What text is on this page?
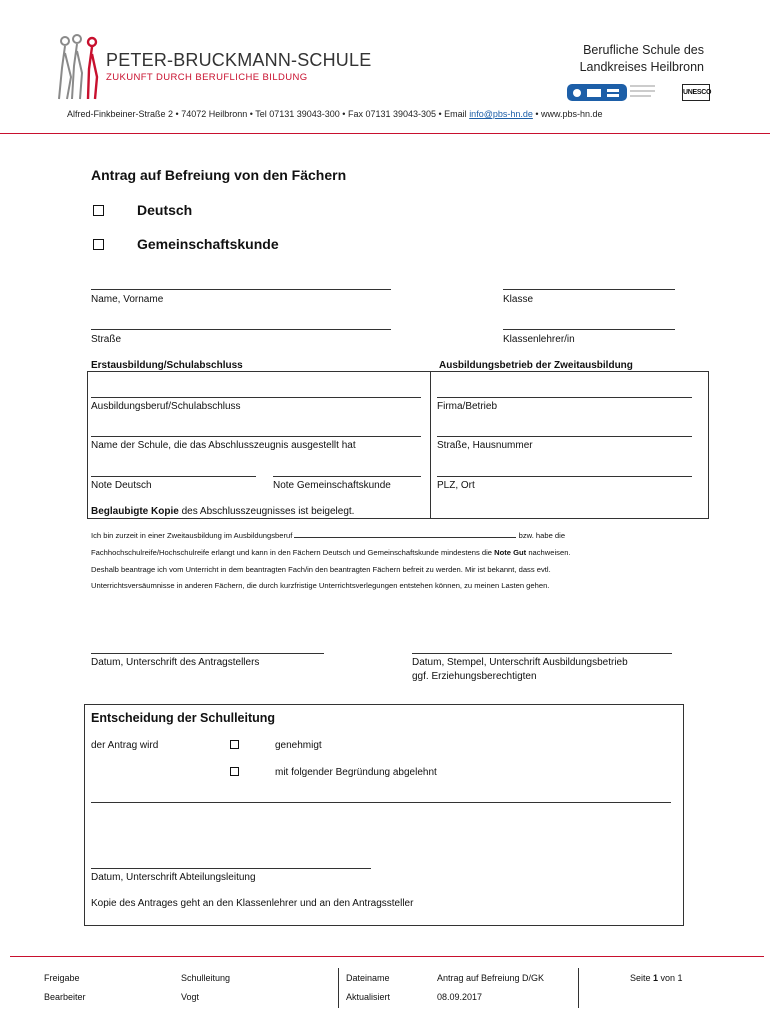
PETER-BRUCKMANN-SCHULE
ZUKUNFT DURCH BERUFLICHE BILDUNG
Berufliche Schule des
Landkreises Heilbronn
UNESCO
Alfred-Finkbeiner-Straße 2 • 74072 Heilbronn • Tel 07131 39043-300 • Fax 07131 39043-305 • Email info@pbs-hn.de • www.pbs-hn.de
Antrag auf Befreiung von den Fächern
Deutsch
Gemeinschaftskunde
Name, Vorname	Klasse
Straße	Klassenlehrer/in
Erstausbildung/Schulabschluss	Ausbildungsbetrieb der Zweitausbildung
Ausbildungsberuf/Schulabschluss
Name der Schule, die das Abschlusszeugnis ausgestellt hat
Note Deutsch	Note Gemeinschaftskunde
Firma/Betrieb
Straße, Hausnummer
PLZ, Ort
Beglaubigte Kopie des Abschlusszeugnisses ist beigelegt.
Ich bin zurzeit in einer Zweitausbildung im Ausbildungsberuf	bzw. habe die
Fachhochschulreife/Hochschulreife erlangt und kann in den Fächern Deutsch und Gemeinschaftskunde mindestens die Note Gut nachweisen.
Deshalb beantrage ich vom Unterricht in dem beantragten Fach/in den beantragten Fächern befreit zu werden. Mir ist bekannt, dass evtl.
Unterrichtsversäumnisse in anderen Fächern, die durch kurzfristige Unterrichtsverlegungen entstehen können, zu meinen Lasten gehen.
Datum, Unterschrift des Antragstellers	Datum, Stempel, Unterschrift Ausbildungsbetrieb
ggf. Erziehungsberechtigten
Entscheidung der Schulleitung
der Antrag wird	genehmigt
mit folgender Begründung abgelehnt
Datum, Unterschrift Abteilungsleitung
Kopie des Antrages geht an den Klassenlehrer und an den Antragssteller
Freigabe	Schulleitung
Bearbeiter	Vogt
Dateiname	Antrag auf Befreiung D/GK
Aktualisiert	08.09.2017
Seite 1 von 1
